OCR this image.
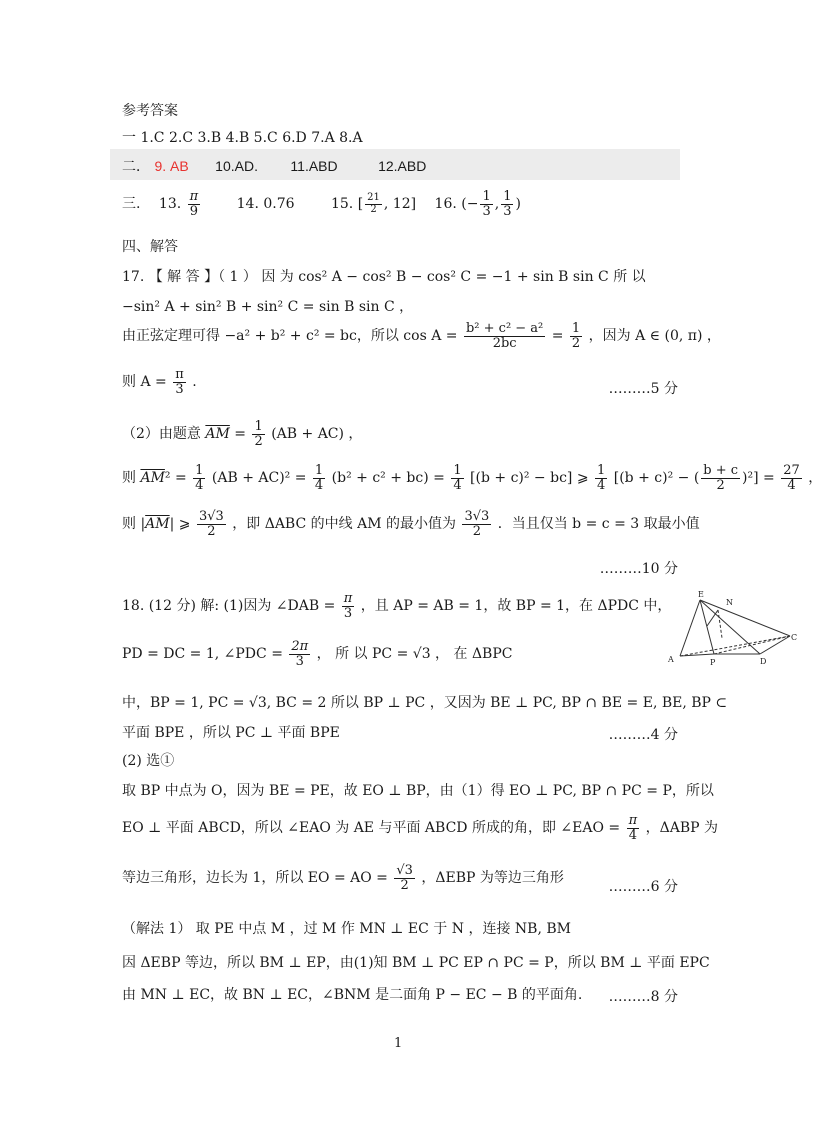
参考答案
一 1.C 2.C 3.B 4.B 5.C 6.D 7.A 8.A
二． 9. AB 10.AD. 11.ABD	12.ABD
三. 13. $\frac{\pi}{9}$	14. 0.76	15. [ $\frac{21}{2}$ , 12] 16. (− $\frac{1}{3}$ , $\frac{1}{3}$ )
四、解答
17. 【 解 答 】（ 1 ） 因 为 cos² A − cos² B − cos² C = −1 + sin B sin C 所 以
−sin² A + sin² B + sin² C = sin B sin C ，
由正弦定理可得 −a² + b² + c² = bc，所以 $\cos A = \frac{\text{b² + c² − a²}}{2bc} = \frac{1}{2}$ ，因为 A ∈ (0, π) ，
则 $A = \frac{\pi}{3}$ .	………5 分
（2）由题意 $\overline{AM} = \frac{1}{2} (AB + AC)$ ，
则 $\overline{AM}^2 = \frac{1}{4} (AB + AC)^2 = \frac{1}{4} (b^2 + c^2 + bc) = \frac{1}{4} [(b + c)^2 - bc]$ ⩾ $\frac{1}{4} [(b + c)^2$ − ( $\frac{b + c}{2} )^2] = \frac{27}{4}$ ，
则 $|\overline{AM}|$ ⩾ $\frac{3√3}{2}$ ，即 ΔABC 的中线 AM 的最小值为 $\frac{3√3}{2}$ ．当且仅当 b = c = 3 取最小值
………10 分
18. (12 分) 解: (1)因为 ∠DAB = $\frac{\pi}{3}$ ，且 AP = AB = 1，故 BP = 1，在 ΔPDC 中，
E
N
A	P	D
C
PD = DC = 1, ∠PDC = $\frac{2\pi}{3}$ ， 所 以 PC = √3 ， 在 ΔBPC
中，BP = 1, PC = √3, BC = 2 所以 BP ⊥ PC ，又因为 BE ⊥ PC, BP ∩ BE = E, BE, BP ⊂
平面 BPE ，所以 PC ⊥ 平面 BPE	………4 分
(2) 选①
取 BP 中点为 O，因为 BE = PE，故 EO ⊥ BP，由（1）得 EO ⊥ PC, BP ∩ PC = P，所以
EO ⊥ 平面 ABCD，所以 ∠EAO 为 AE 与平面 ABCD 所成的角，即 ∠EAO = $\frac{\pi}{4}$ ，ΔABP 为
等边三角形，边长为 1，所以 EO = AO = $\frac{√3}{2}$ ，ΔEBP 为等边三角形
………6 分
（解法 1） 取 PE 中点 M ，过 M 作 MN ⊥ EC 于 N ，连接 NB, BM
因 ΔEBP 等边，所以 BM ⊥ EP，由(1)知 BM ⊥ PC EP ∩ PC = P，所以 BM ⊥ 平面 EPC
由 MN ⊥ EC，故 BN ⊥ EC，∠BNM 是二面角 P − EC − B 的平面角. ………8 分
1
